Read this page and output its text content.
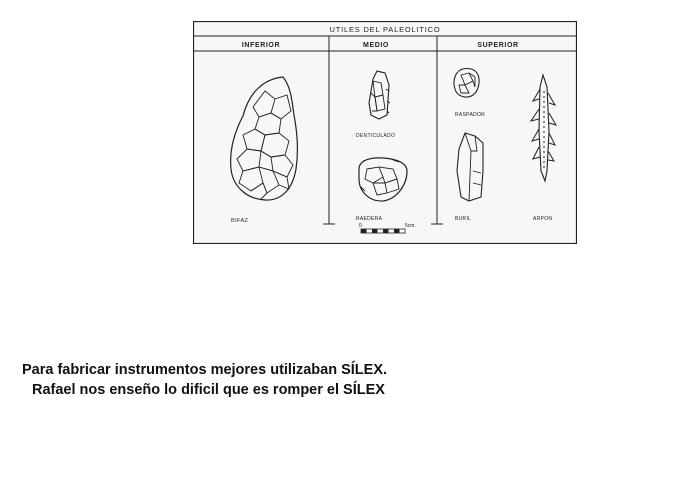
UTILES DEL PALEOLITICO
INFERIOR	MEDIO	SUPERIOR
BIFAZ
DENTICULADO
RAEDERA
0	5cm.
RASPADOR
BURIL	ARPON
Para fabricar instrumentos mejores utilizaban SÍLEX.
Rafael nos enseño lo dificil que es romper el SÍLEX
